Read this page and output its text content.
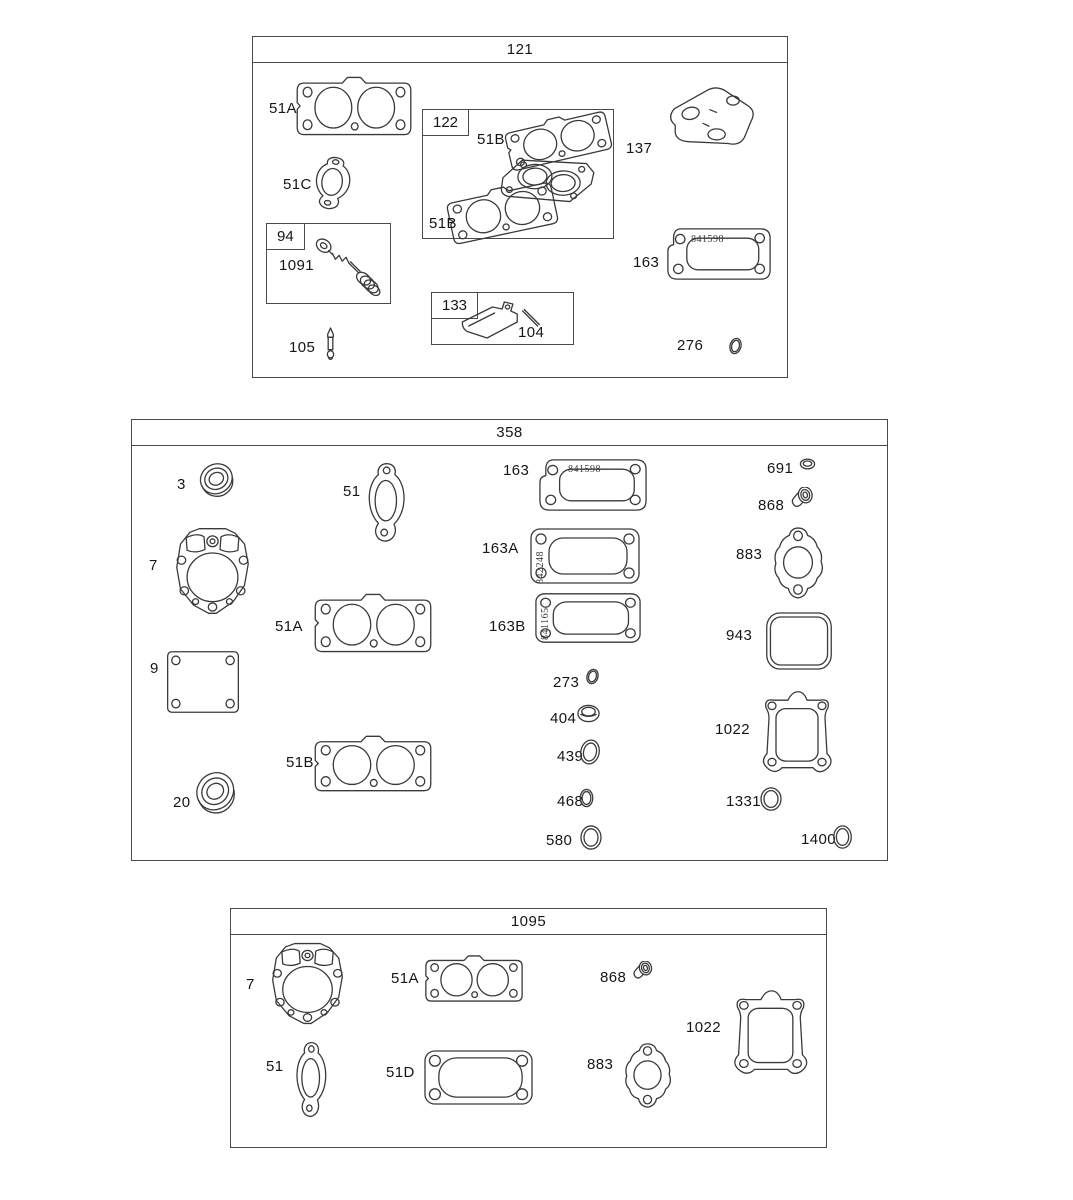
121
51A
51C
122
51B
51B
137
94
1091
105
133
104
163
841598
276
358
3	51
163	841598	691
868
7
163A
842248	883
51A	163B 841165	943
9
273
404
1022
439
51B
468	1331
20
580	1400
1095
7	51A	868
1022
51	51D	883
